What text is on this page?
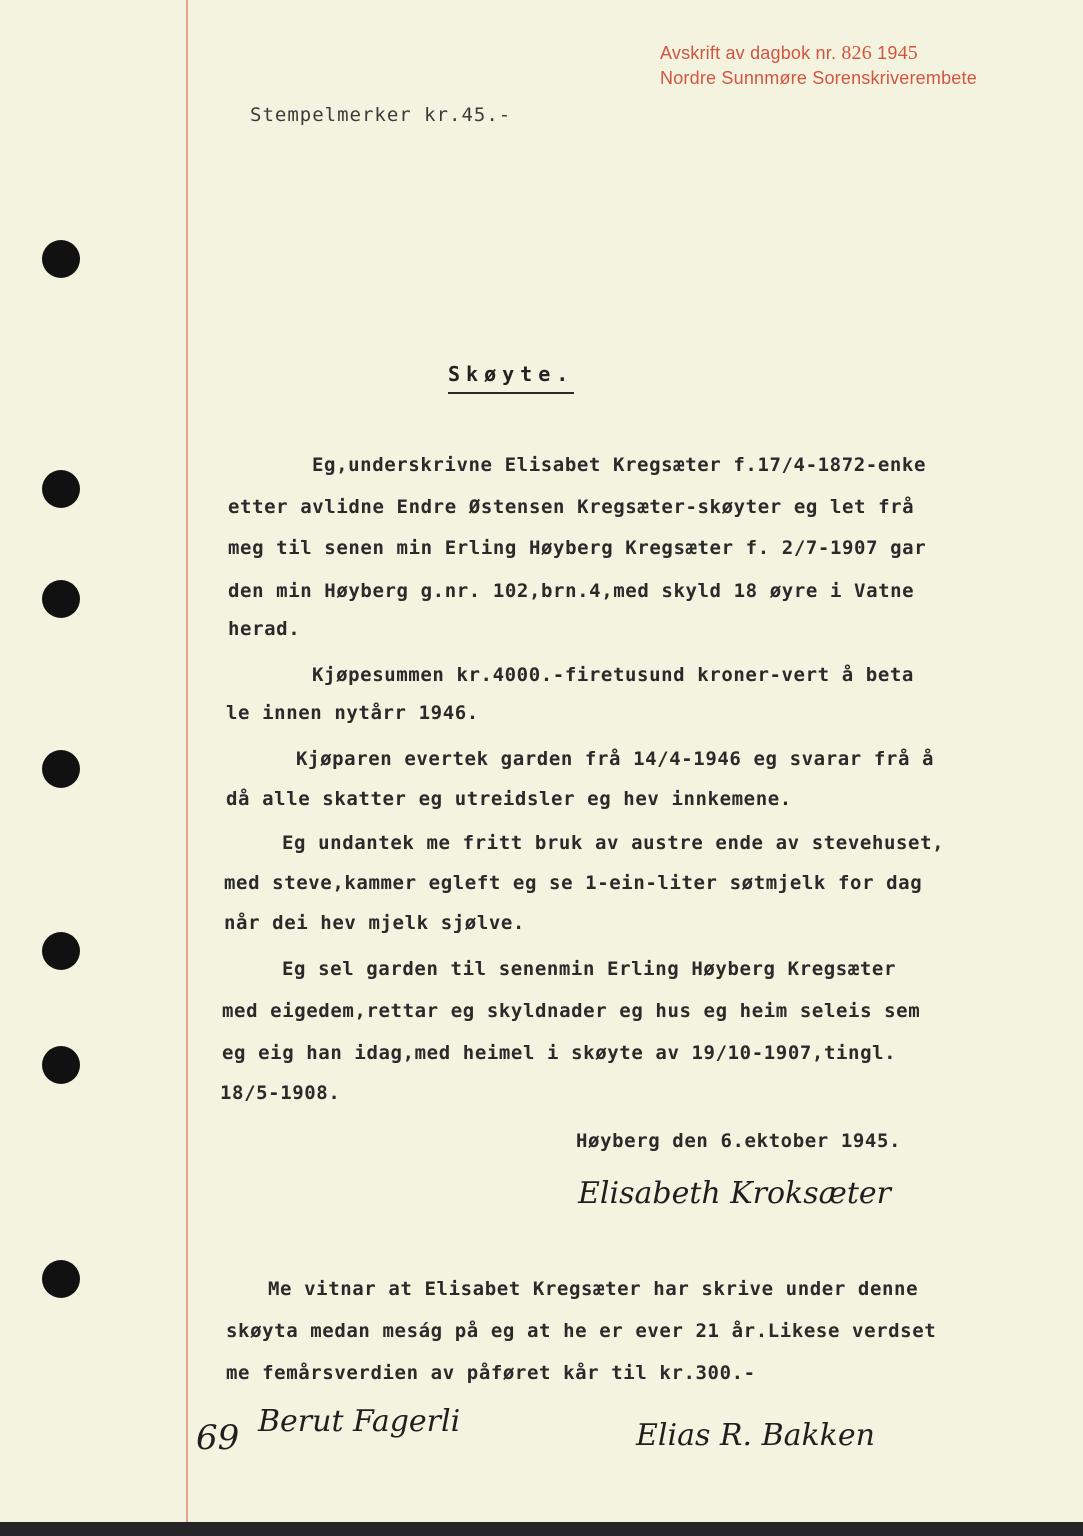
Avskrift av dagbok nr. 826 1945
Nordre Sunnmøre Sorenskriverembete
Stempelmerker kr.45.-
Skøyte.
Eg,underskrivne Elisabet Kregsæter f.17/4-1872-enke
etter avlidne Endre Østensen Kregsæter-skøyter eg let frå
meg til senen min Erling Høyberg Kregsæter f. 2/7-1907 gar
den min Høyberg g.nr. 102,brn.4,med skyld 18 øyre i Vatne
herad.
Kjøpesummen kr.4000.-firetusund kroner-vert å beta
le innen nytårr 1946.
Kjøparen evertek garden frå 14/4-1946 eg svarar frå å
då alle skatter eg utreidsler eg hev innkemene.
Eg undantek me fritt bruk av austre ende av stevehuset,
med steve,kammer egleft eg se 1-ein-liter søtmjelk for dag
når dei hev mjelk sjølve.
Eg sel garden til senenmin Erling Høyberg Kregsæter
med eigedem,rettar eg skyldnader eg hus eg heim seleis sem
eg eig han idag,med heimel i skøyte av 19/10-1907,tingl.
18/5-1908.
Høyberg den 6.ektober 1945.
Elisabeth Kroksæter
Me vitnar at Elisabet Kregsæter har skrive under denne
skøyta medan meság på eg at he er ever 21 år.Likese verdset
me femårsverdien av påføret kår til kr.300.-
69 Berut Fagerli	Elias R. Bakken
